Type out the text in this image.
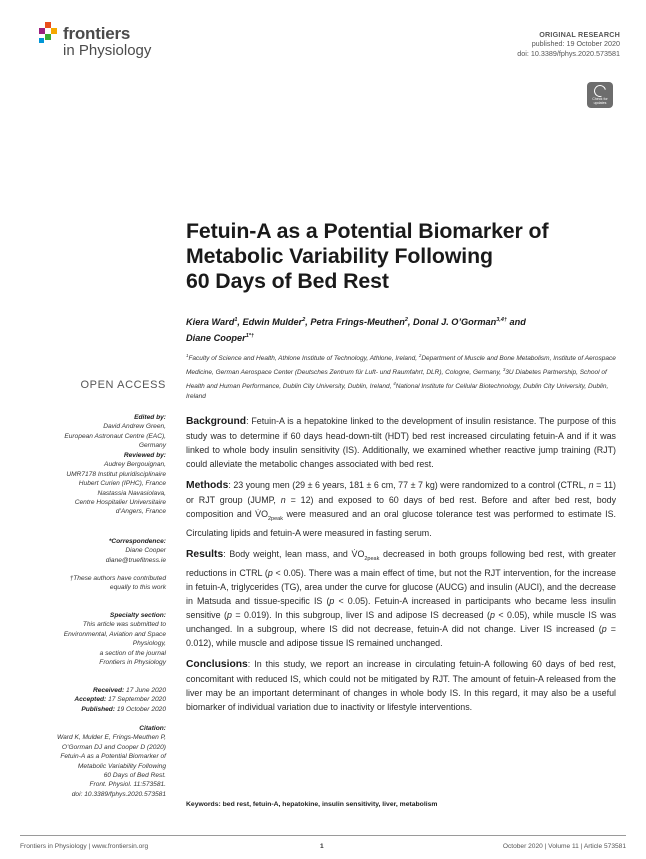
frontiers
in Physiology
ORIGINAL RESEARCH
published: 19 October 2020
doi: 10.3389/fphys.2020.573581
Check for updates
Fetuin-A as a Potential Biomarker of
Metabolic Variability Following
60 Days of Bed Rest
Kiera Ward$^1$, Edwin Mulder$^2$, Petra Frings-Meuthen$^2$, Donal J. O’Gorman$^{3,4\dagger}$ and
Diane Cooper$^{1*\dagger}$
$^1$Faculty of Science and Health, Athlone Institute of Technology, Athlone, Ireland, $^2$Department of Muscle and Bone Metabolism, Institute of Aerospace Medicine, German Aerospace Center (Deutsches Zentrum für Luft- und Raumfahrt, DLR), Cologne, Germany, $^3$3U Diabetes Partnership, School of Health and Human Performance, Dublin City University, Dublin, Ireland, $^4$National Institute for Cellular Biotechnology, Dublin City University, Dublin, Ireland
OPEN ACCESS
Edited by:
David Andrew Green,
European Astronaut Centre (EAC),
Germany
Reviewed by:
Audrey Bergouignan,
UMR7178 Institut pluridisciplinaire
Hubert Curien (IPHC), France
Nastassia Navasiolava,
Centre Hospitalier Universitaire
d’Angers, France
*Correspondence:
Diane Cooper
diane@truefitness.ie
†These authors have contributed
equally to this work
Specialty section:
This article was submitted to
Environmental, Aviation and Space
Physiology,
a section of the journal
Frontiers in Physiology
Received: 17 June 2020
Accepted: 17 September 2020
Published: 19 October 2020
Citation:
Ward K, Mulder E, Frings-Meuthen P,
O’Gorman DJ and Cooper D (2020)
Fetuin-A as a Potential Biomarker of
Metabolic Variability Following
60 Days of Bed Rest.
Front. Physiol. 11:573581.
doi: 10.3389/fphys.2020.573581

Background: Fetuin-A is a hepatokine linked to the development of insulin resistance. The purpose of this study was to determine if 60 days head-down-tilt (HDT) bed rest increased circulating fetuin-A and if it was linked to whole body insulin sensitivity (IS). Additionally, we examined whether reactive jump training (RJT) could alleviate the metabolic changes associated with bed rest.

Methods: 23 young men (29 ± 6 years, 181 ± 6 cm, 77 ± 7 kg) were randomized to a control (CTRL, n = 11) or RJT group (JUMP, n = 12) and exposed to 60 days of bed rest. Before and after bed rest, body composition and $V̇O_{2peak}$ were measured and an oral glucose tolerance test was performed to estimate IS. Circulating lipids and fetuin-A were measured in fasting serum.

Results: Body weight, lean mass, and $V̇O_{2peak}$ decreased in both groups following bed rest, with greater reductions in CTRL (p < 0.05). There was a main effect of time, but not the RJT intervention, for the increase in fetuin-A, triglycerides (TG), area under the curve for glucose (AUCG) and insulin (AUCI), and the decrease in Matsuda and tissue-specific IS (p < 0.05). Fetuin-A increased in participants who became less insulin sensitive (p = 0.019). In this subgroup, liver IS and adipose IS decreased (p < 0.05), while muscle IS was unchanged. In a subgroup, where IS did not decrease, fetuin-A did not change. Liver IS increased (p = 0.012), while muscle and adipose tissue IS remained unchanged.

Conclusions: In this study, we report an increase in circulating fetuin-A following 60 days of bed rest, concomitant with reduced IS, which could not be mitigated by RJT. The amount of fetuin-A released from the liver may be an important determinant of changes in whole body IS. In this regard, it may also be a useful biomarker of individual variation due to inactivity or lifestyle interventions.

Keywords: bed rest, fetuin-A, hepatokine, insulin sensitivity, liver, metabolism
Frontiers in Physiology | www.frontiersin.org	1	October 2020 | Volume 11 | Article 573581
